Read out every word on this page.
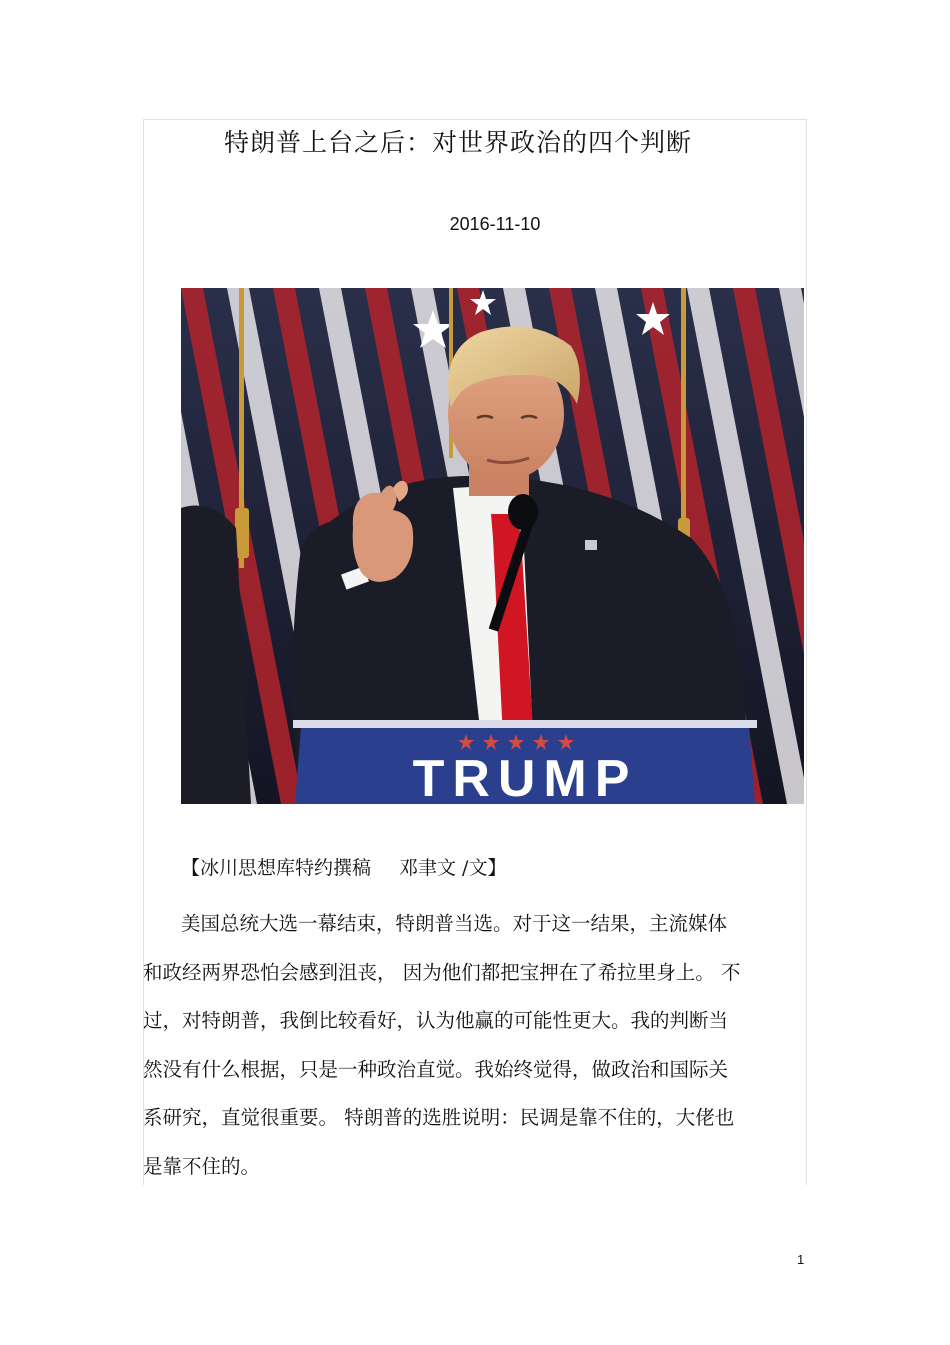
特朗普上台之后：对世界政治的四个判断
2016-11-10
TRUMP
【冰川思想库特约撰稿 邓聿文 /文】
美国总统大选一幕结束，特朗普当选。对于这一结果，主流媒体
和政经两界恐怕会感到沮丧， 因为他们都把宝押在了希拉里身上。 不
过，对特朗普，我倒比较看好，认为他赢的可能性更大。我的判断当
然没有什么根据，只是一种政治直觉。我始终觉得，做政治和国际关
系研究，直觉很重要。 特朗普的选胜说明：民调是靠不住的，大佬也
是靠不住的。
1
